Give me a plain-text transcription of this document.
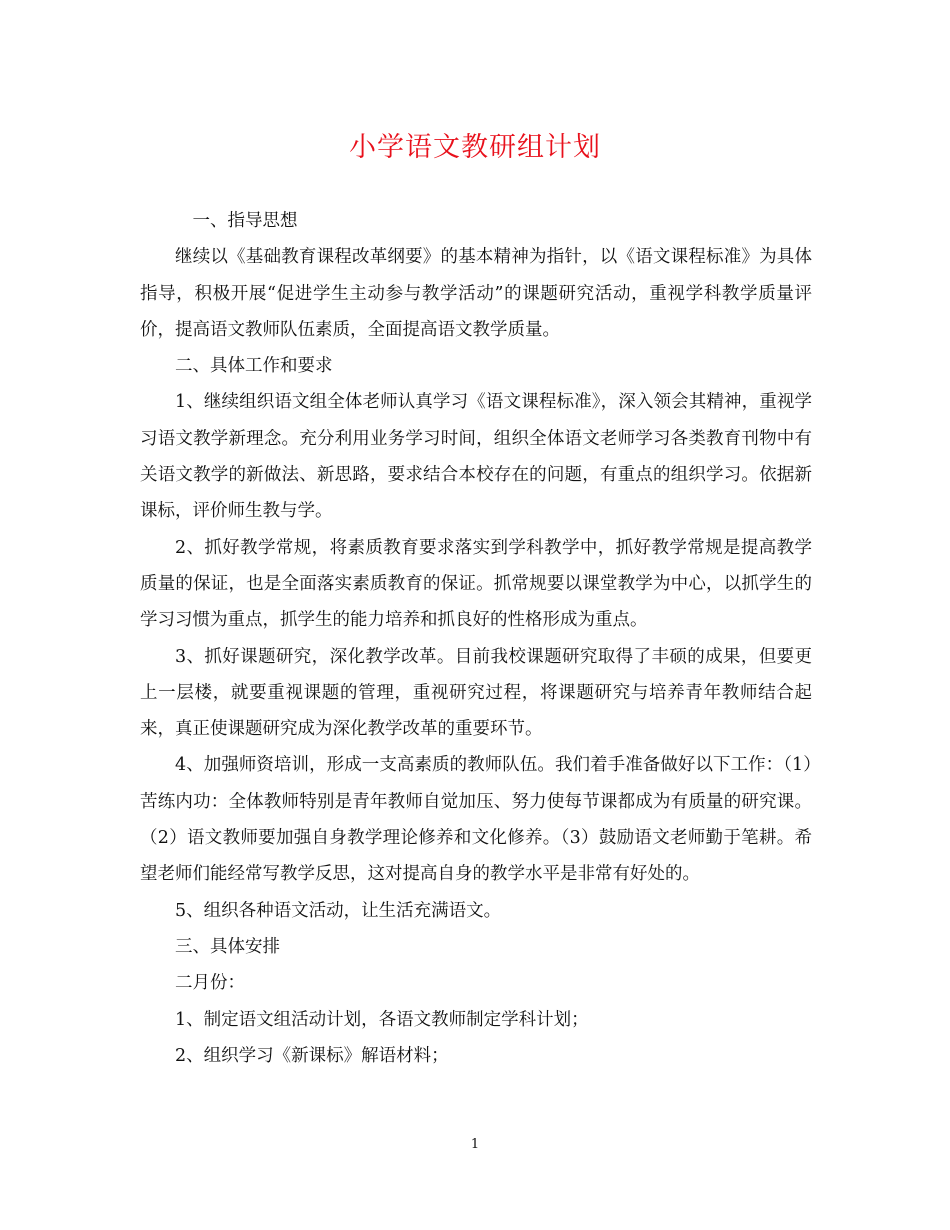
小学语文教研组计划

一、指导思想

继续以《基础教育课程改革纲要》的基本精神为指针，以《语文课程标准》为具体指导，积极开展“促进学生主动参与教学活动”的课题研究活动，重视学科教学质量评价，提高语文教师队伍素质，全面提高语文教学质量。

二、具体工作和要求

1、继续组织语文组全体老师认真学习《语文课程标准》，深入领会其精神，重视学习语文教学新理念。充分利用业务学习时间，组织全体语文老师学习各类教育刊物中有关语文教学的新做法、新思路，要求结合本校存在的问题，有重点的组织学习。依据新课标，评价师生教与学。

2、抓好教学常规，将素质教育要求落实到学科教学中，抓好教学常规是提高教学质量的保证，也是全面落实素质教育的保证。抓常规要以课堂教学为中心，以抓学生的学习习惯为重点，抓学生的能力培养和抓良好的性格形成为重点。

3、抓好课题研究，深化教学改革。目前我校课题研究取得了丰硕的成果，但要更上一层楼，就要重视课题的管理，重视研究过程，将课题研究与培养青年教师结合起来，真正使课题研究成为深化教学改革的重要环节。

4、加强师资培训，形成一支高素质的教师队伍。我们着手准备做好以下工作：（1）苦练内功：全体教师特别是青年教师自觉加压、努力使每节课都成为有质量的研究课。（2）语文教师要加强自身教学理论修养和文化修养。（3）鼓励语文老师勤于笔耕。希望老师们能经常写教学反思，这对提高自身的教学水平是非常有好处的。

5、组织各种语文活动，让生活充满语文。

三、具体安排

二月份：

1、制定语文组活动计划，各语文教师制定学科计划；

2、组织学习《新课标》解语材料；

1
